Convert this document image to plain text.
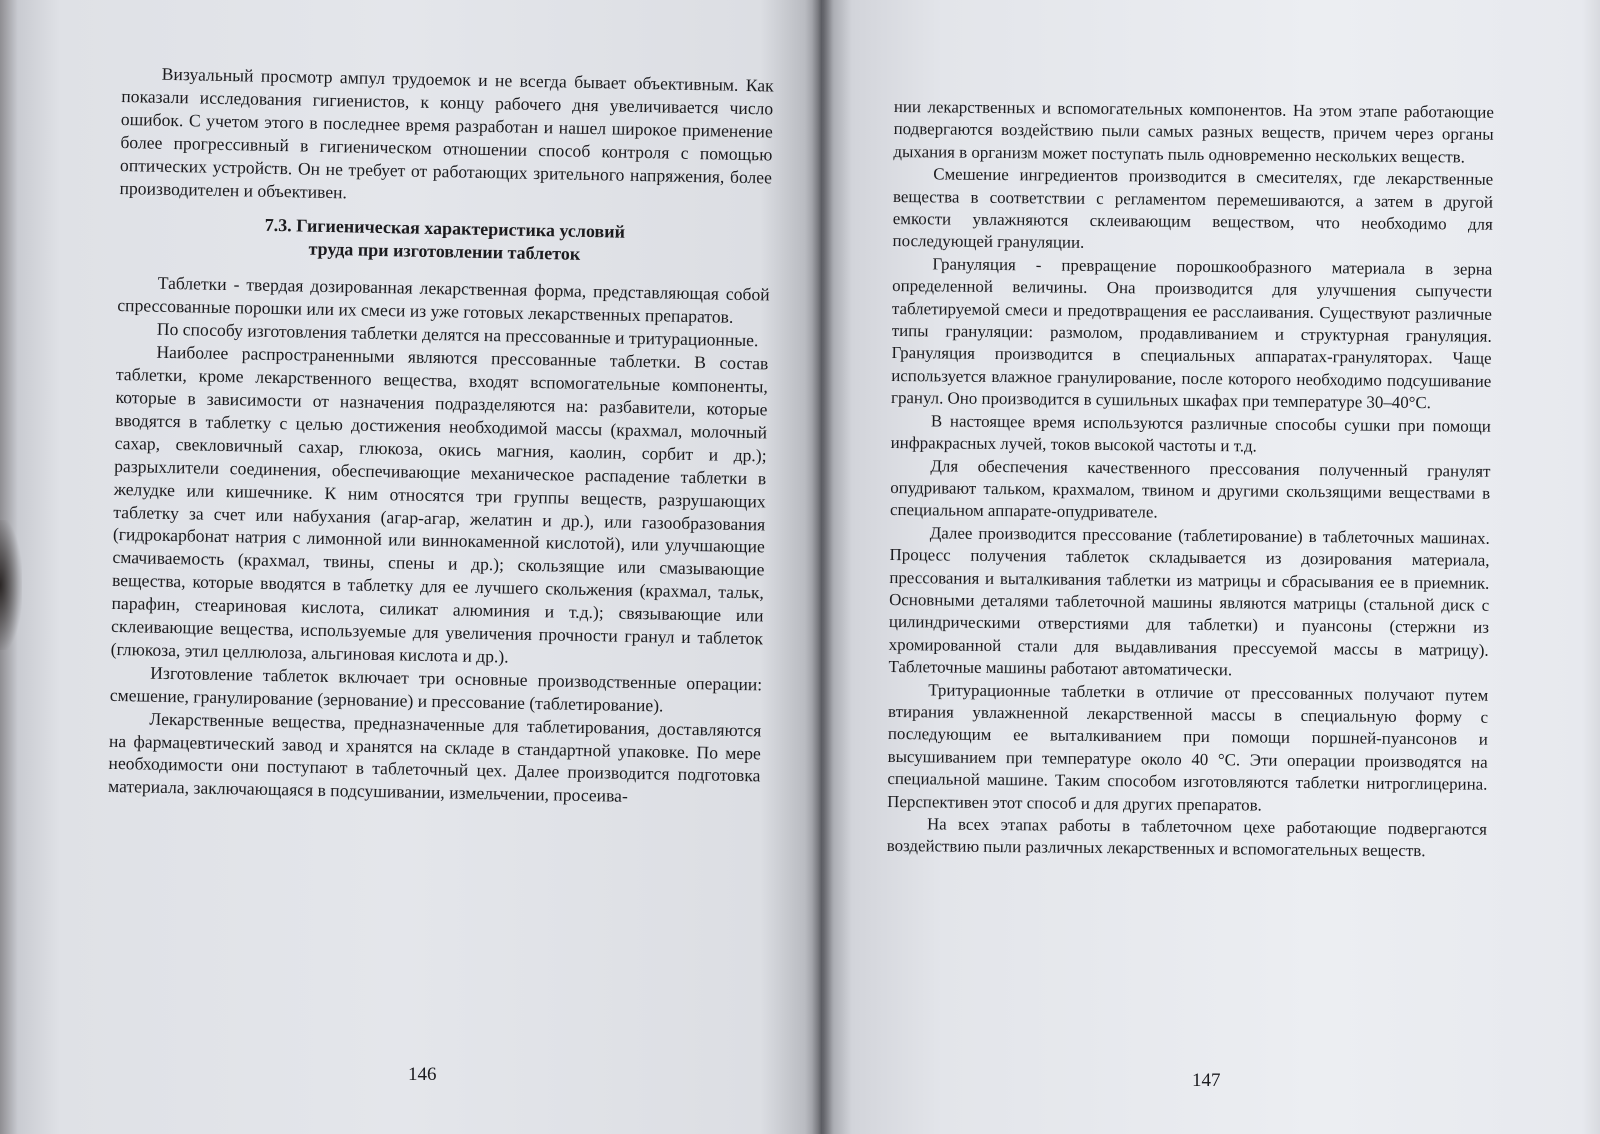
Визуальный просмотр ампул трудоемок и не всегда бывает объективным. Как показали исследования гигиенистов, к концу рабочего дня увеличивается число ошибок. С учетом этого в последнее время разработан и нашел широкое применение более прогрессивный в гигиеническом отношении способ контроля с помощью оптических устройств. Он не требует от работающих зрительного напряжения, более производителен и объективен.

7.3. Гигиеническая характеристика условий
труда при изготовлении таблеток

Таблетки - твердая дозированная лекарственная форма, представляющая собой спрессованные порошки или их смеси из уже готовых лекарственных препаратов.

По способу изготовления таблетки делятся на прессованные и тритурационные.

Наиболее распространенными являются прессованные таблетки. В состав таблетки, кроме лекарственного вещества, входят вспомогательные компоненты, которые в зависимости от назначения подразделяются на: разбавители, которые вводятся в таблетку с целью достижения необходимой массы (крахмал, молочный сахар, свекловичный сахар, глюкоза, окись магния, каолин, сорбит и др.); разрыхлители соединения, обеспечивающие механическое распадение таблетки в желудке или кишечнике. К ним относятся три группы веществ, разрушающих таблетку за счет или набухания (агар-агар, желатин и др.), или газообразования (гидрокарбонат натрия с лимонной или виннокаменной кислотой), или улучшающие смачиваемость (крахмал, твины, спены и др.); скользящие или смазывающие вещества, которые вводятся в таблетку для ее лучшего скольжения (крахмал, тальк, парафин, стеариновая кислота, силикат алюминия и т.д.); связывающие или склеивающие вещества, используемые для увеличения прочности гранул и таблеток (глюкоза, этил целлюлоза, альгиновая кислота и др.).

Изготовление таблеток включает три основные производственные операции: смешение, гранулирование (зернование) и прессование (таблетирование).

Лекарственные вещества, предназначенные для таблетирования, доставляются на фармацевтический завод и хранятся на складе в стандартной упаковке. По мере необходимости они поступают в таблеточный цех. Далее производится подготовка материала, заключающаяся в подсушивании, измельчении, просеива-

146

нии лекарственных и вспомогательных компонентов. На этом этапе работающие подвергаются воздействию пыли самых разных веществ, причем через органы дыхания в организм может поступать пыль одновременно нескольких веществ.

Смешение ингредиентов производится в смесителях, где лекарственные вещества в соответствии с регламентом перемешиваются, а затем в другой емкости увлажняются склеивающим веществом, что необходимо для последующей грануляции.

Грануляция - превращение порошкообразного материала в зерна определенной величины. Она производится для улучшения сыпучести таблетируемой смеси и предотвращения ее расслаивания. Существуют различные типы грануляции: размолом, продавливанием и структурная грануляция. Грануляция производится в специальных аппаратах-грануляторах. Чаще используется влажное гранулирование, после которого необходимо подсушивание гранул. Оно производится в сушильных шкафах при температуре 30–40°С.

В настоящее время используются различные способы сушки при помощи инфракрасных лучей, токов высокой частоты и т.д.

Для обеспечения качественного прессования полученный гранулят опудривают тальком, крахмалом, твином и другими скользящими веществами в специальном аппарате-опудривателе.

Далее производится прессование (таблетирование) в таблеточных машинах. Процесс получения таблеток складывается из дозирования материала, прессования и выталкивания таблетки из матрицы и сбрасывания ее в приемник. Основными деталями таблеточной машины являются матрицы (стальной диск с цилиндрическими отверстиями для таблетки) и пуансоны (стержни из хромированной стали для выдавливания прессуемой массы в матрицу). Таблеточные машины работают автоматически.

Тритурационные таблетки в отличие от прессованных получают путем втирания увлажненной лекарственной массы в специальную форму с последующим ее выталкиванием при помощи поршней-пуансонов и высушиванием при температуре около 40 °С. Эти операции производятся на специальной машине. Таким способом изготовляются таблетки нитроглицерина. Перспективен этот способ и для других препаратов.

На всех этапах работы в таблеточном цехе работающие подвергаются воздействию пыли различных лекарственных и вспомогательных веществ.

147
